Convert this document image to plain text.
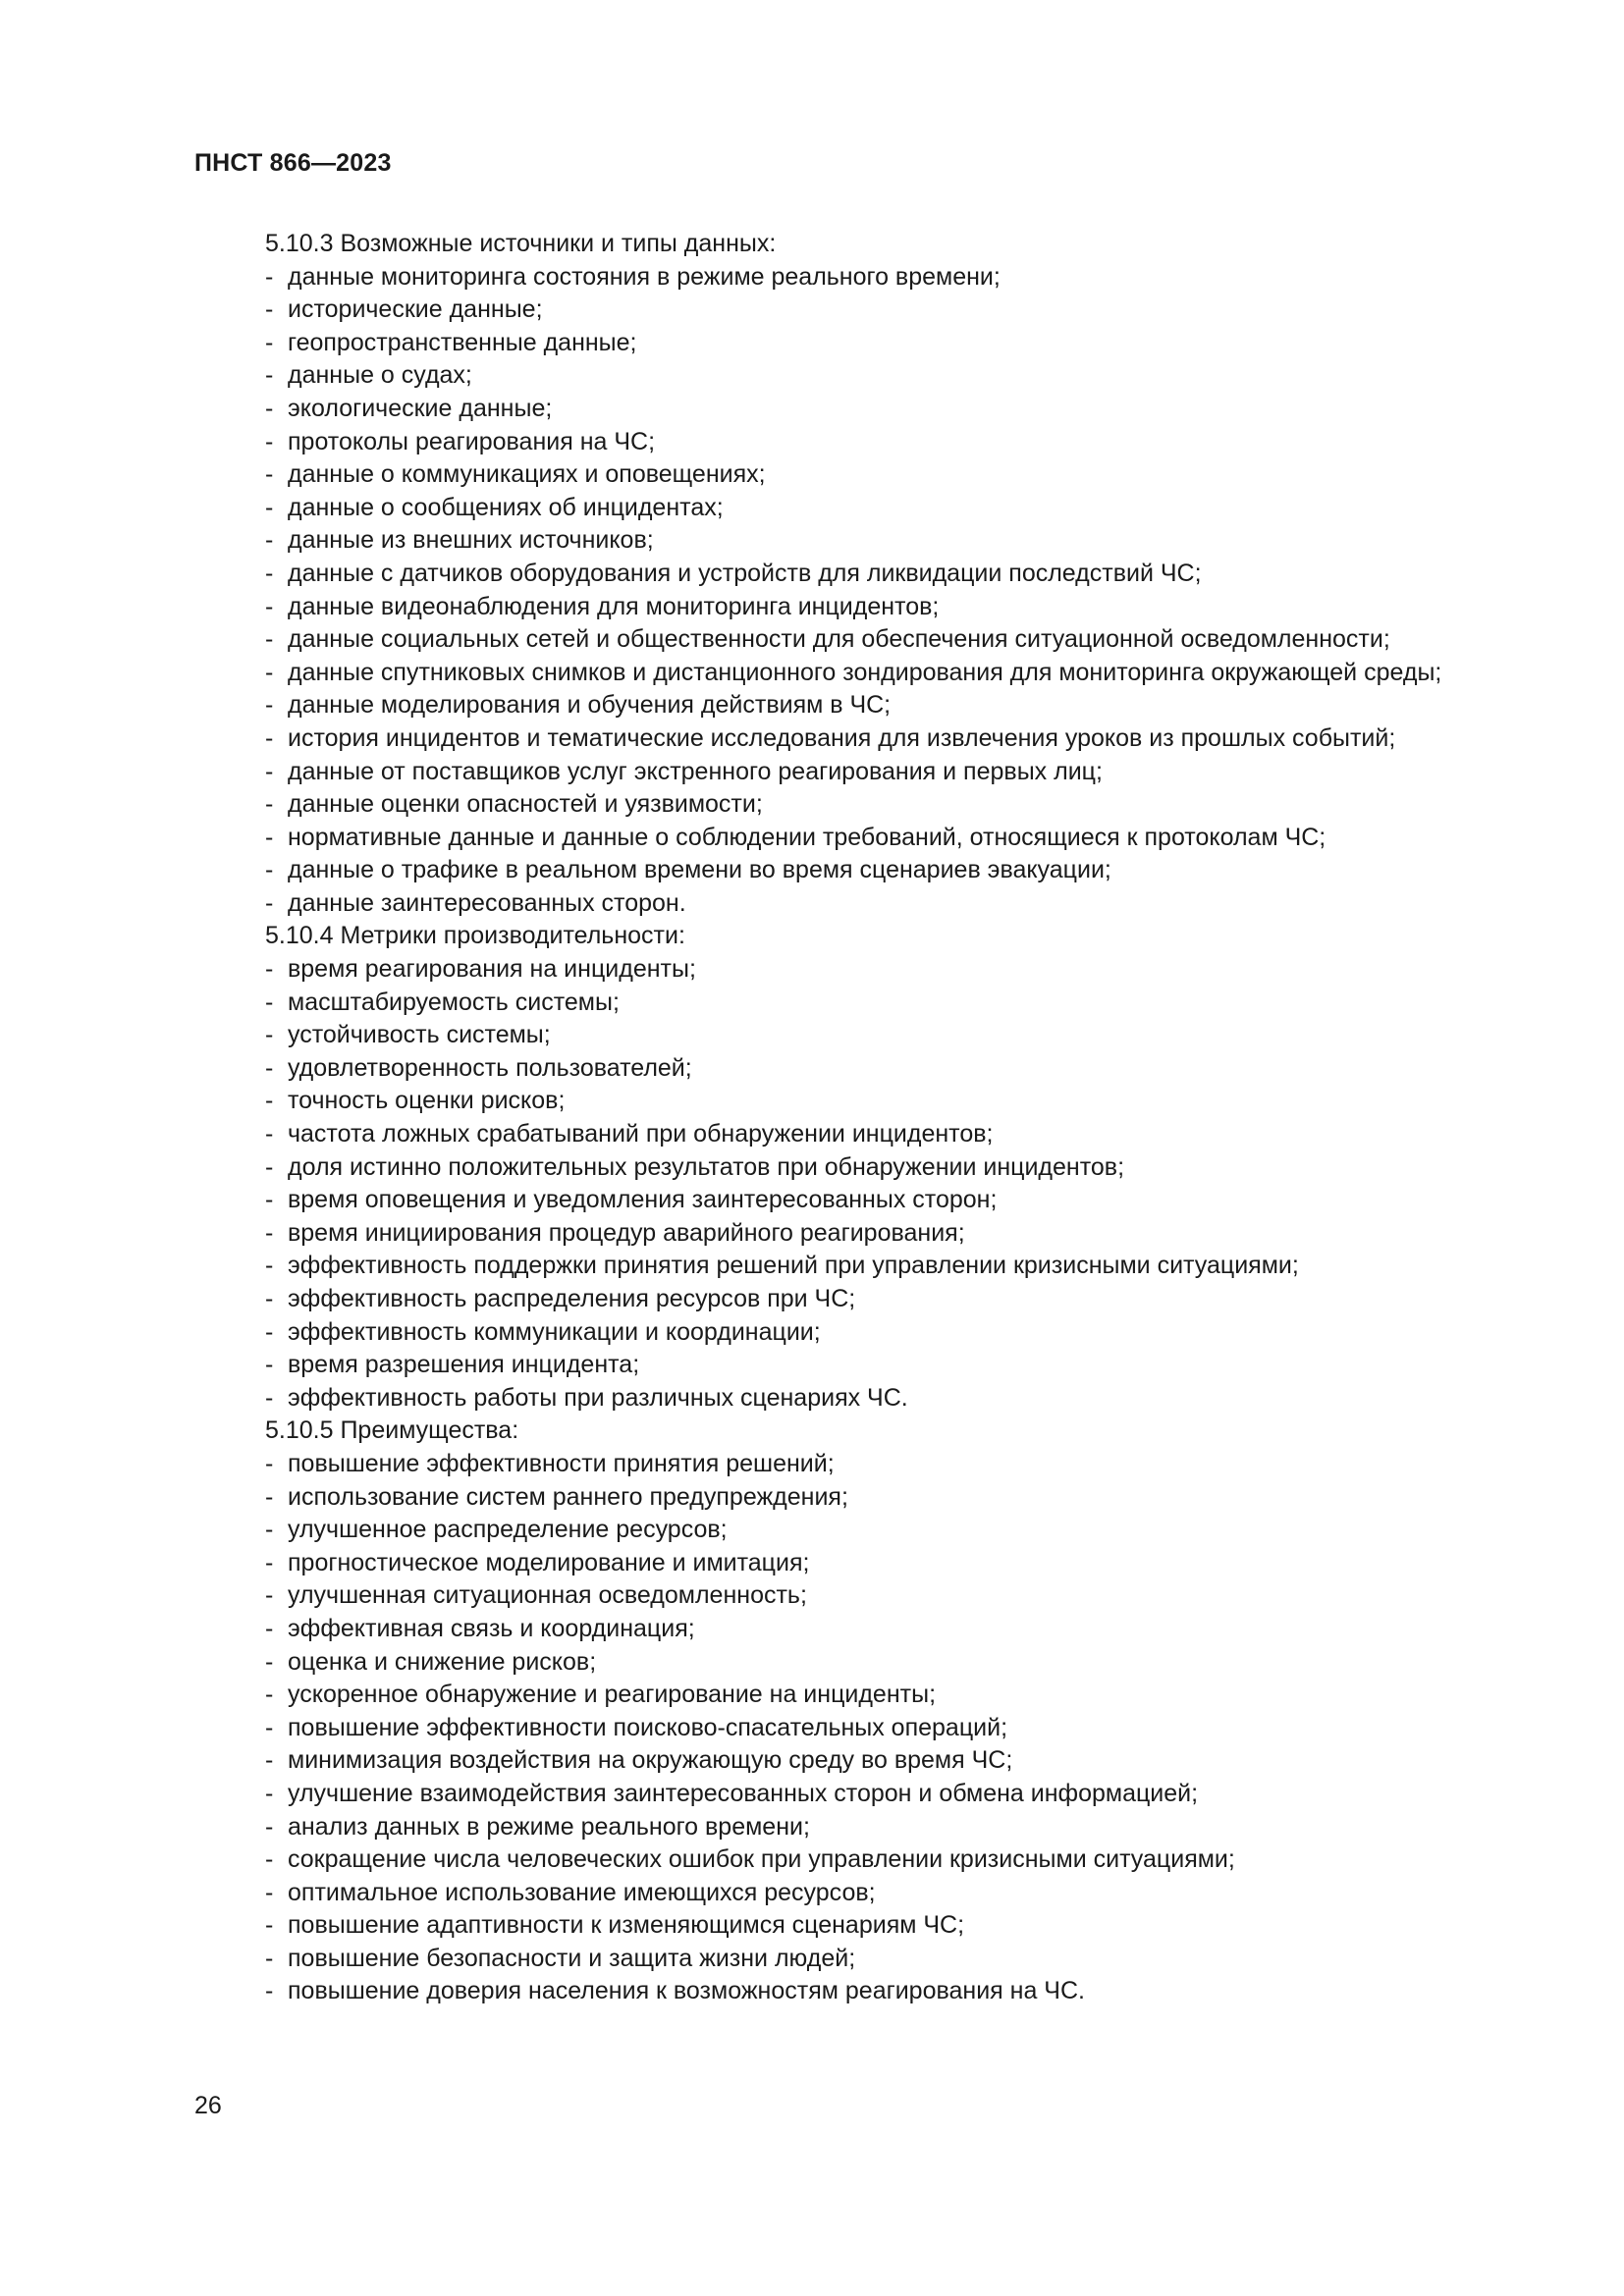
ПНСТ 866—2023
5.10.3 Возможные источники и типы данных:
- данные мониторинга состояния в режиме реального времени;
- исторические данные;
- геопространственные данные;
- данные о судах;
- экологические данные;
- протоколы реагирования на ЧС;
- данные о коммуникациях и оповещениях;
- данные о сообщениях об инцидентах;
- данные из внешних источников;
- данные с датчиков оборудования и устройств для ликвидации последствий ЧС;
- данные видеонаблюдения для мониторинга инцидентов;
- данные социальных сетей и общественности для обеспечения ситуационной осведомленности;
- данные спутниковых снимков и дистанционного зондирования для мониторинга окружающей среды;
- данные моделирования и обучения действиям в ЧС;
- история инцидентов и тематические исследования для извлечения уроков из прошлых событий;
- данные от поставщиков услуг экстренного реагирования и первых лиц;
- данные оценки опасностей и уязвимости;
- нормативные данные и данные о соблюдении требований, относящиеся к протоколам ЧС;
- данные о трафике в реальном времени во время сценариев эвакуации;
- данные заинтересованных сторон.
5.10.4 Метрики производительности:
- время реагирования на инциденты;
- масштабируемость системы;
- устойчивость системы;
- удовлетворенность пользователей;
- точность оценки рисков;
- частота ложных срабатываний при обнаружении инцидентов;
- доля истинно положительных результатов при обнаружении инцидентов;
- время оповещения и уведомления заинтересованных сторон;
- время инициирования процедур аварийного реагирования;
- эффективность поддержки принятия решений при управлении кризисными ситуациями;
- эффективность распределения ресурсов при ЧС;
- эффективность коммуникации и координации;
- время разрешения инцидента;
- эффективность работы при различных сценариях ЧС.
5.10.5 Преимущества:
- повышение эффективности принятия решений;
- использование систем раннего предупреждения;
- улучшенное распределение ресурсов;
- прогностическое моделирование и имитация;
- улучшенная ситуационная осведомленность;
- эффективная связь и координация;
- оценка и снижение рисков;
- ускоренное обнаружение и реагирование на инциденты;
- повышение эффективности поисково-спасательных операций;
- минимизация воздействия на окружающую среду во время ЧС;
- улучшение взаимодействия заинтересованных сторон и обмена информацией;
- анализ данных в режиме реального времени;
- сокращение числа человеческих ошибок при управлении кризисными ситуациями;
- оптимальное использование имеющихся ресурсов;
- повышение адаптивности к изменяющимся сценариям ЧС;
- повышение безопасности и защита жизни людей;
- повышение доверия населения к возможностям реагирования на ЧС.
26
